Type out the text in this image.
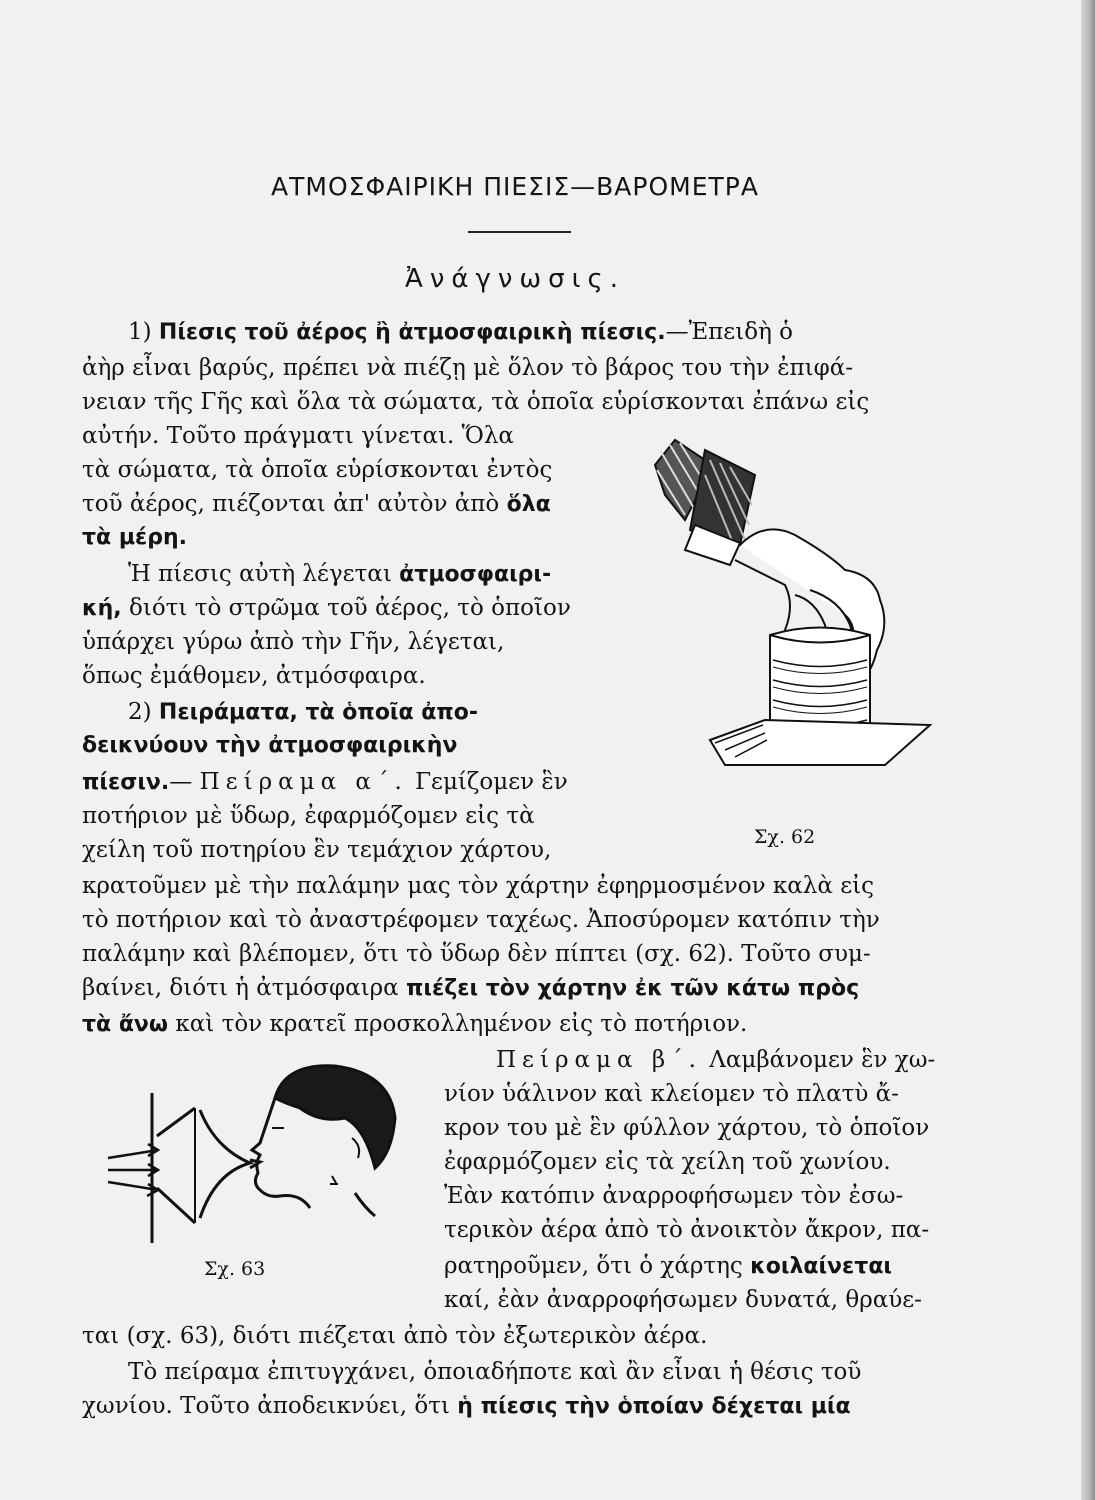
ΑΤΜΟΣΦΑΙΡΙΚΗ ΠΙΕΣΙΣ—ΒΑΡΟΜΕΤΡΑ
Ἀνάγνωσις.
1) Πίεσις τοῦ ἀέρος ἢ ἀτμοσφαιρικὴ πίεσις.—Ἐπειδὴ ὁ
ἀὴρ εἶναι βαρύς, πρέπει νὰ πιέζῃ μὲ ὅλον τὸ βάρος του τὴν ἐπιφά-
νειαν τῆς Γῆς καὶ ὅλα τὰ σώματα, τὰ ὁποῖα εὑρίσκονται ἐπάνω εἰς
αὐτήν. Τοῦτο πράγματι γίνεται. Ὅλα
τὰ σώματα, τὰ ὁποῖα εὑρίσκονται ἐντὸς
τοῦ ἀέρος, πιέζονται ἀπ' αὐτὸν ἀπὸ ὅλα
τὰ μέρη.
Ἡ πίεσις αὐτὴ λέγεται ἀτμοσφαιρι-
κή, διότι τὸ στρῶμα τοῦ ἀέρος, τὸ ὁποῖον
ὑπάρχει γύρω ἀπὸ τὴν Γῆν, λέγεται,
ὅπως ἐμάθομεν, ἀτμόσφαιρα.
2) Πειράματα, τὰ ὁποῖα ἀπο-
δεικνύουν τὴν ἀτμοσφαιρικὴν
πίεσιν.— Πείραμα α΄. Γεμίζομεν ἓν
ποτήριον μὲ ὕδωρ, ἐφαρμόζομεν εἰς τὰ
χείλη τοῦ ποτηρίου ἓν τεμάχιον χάρτου,	Σχ. 62
κρατοῦμεν μὲ τὴν παλάμην μας τὸν χάρτην ἐφηρμοσμένον καλὰ εἰς
τὸ ποτήριον καὶ τὸ ἀναστρέφομεν ταχέως. Ἀποσύρομεν κατόπιν τὴν
παλάμην καὶ βλέπομεν, ὅτι τὸ ὕδωρ δὲν πίπτει (σχ. 62). Τοῦτο συμ-
βαίνει, διότι ἡ ἀτμόσφαιρα πιέζει τὸν χάρτην ἐκ τῶν κάτω πρὸς
τὰ ἄνω καὶ τὸν κρατεῖ προσκολλημένον εἰς τὸ ποτήριον.
Πείραμα β΄. Λαμβάνομεν ἓν χω-
νίον ὑάλινον καὶ κλείομεν τὸ πλατὺ ἄ-
κρον του μὲ ἓν φύλλον χάρτου, τὸ ὁποῖον
ἐφαρμόζομεν εἰς τὰ χείλη τοῦ χωνίου.
Ἐὰν κατόπιν ἀναρροφήσωμεν τὸν ἐσω-
τερικὸν ἀέρα ἀπὸ τὸ ἀνοικτὸν ἄκρον, πα-
ρατηροῦμεν, ὅτι ὁ χάρτης κοιλαίνεται
καί, ἐὰν ἀναρροφήσωμεν δυνατά, θραύε-
Σχ. 63
ται (σχ. 63), διότι πιέζεται ἀπὸ τὸν ἐξωτερικὸν ἀέρα.
Τὸ πείραμα ἐπιτυγχάνει, ὁποιαδήποτε καὶ ἂν εἶναι ἡ θέσις τοῦ
χωνίου. Τοῦτο ἀποδεικνύει, ὅτι ἡ πίεσις τὴν ὁποίαν δέχεται μία
